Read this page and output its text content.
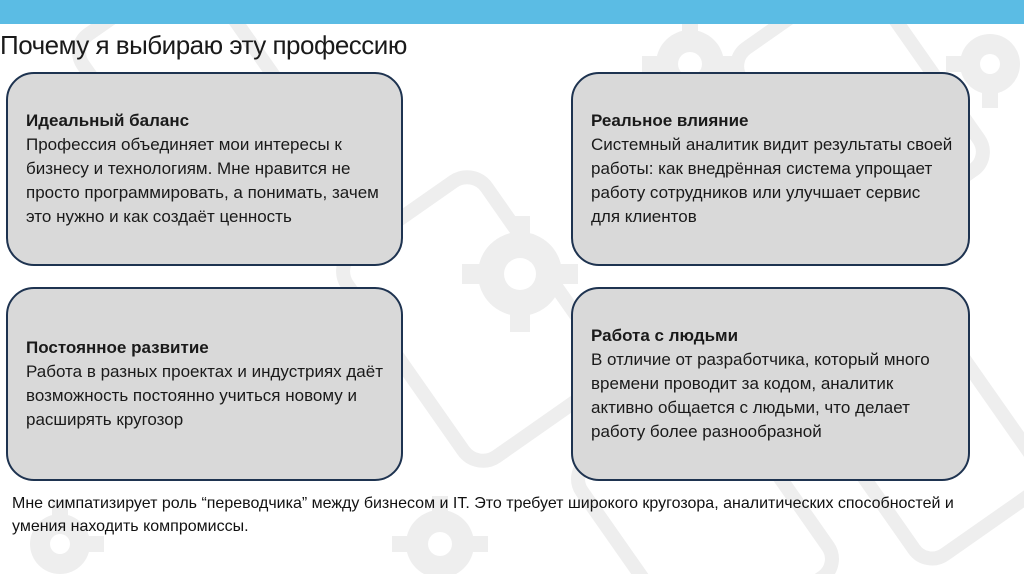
Почему я выбираю эту профессию
Идеальный баланс
Профессия объединяет мои интересы к бизнесу и технологиям. Мне нравится не просто программировать, а понимать, зачем это нужно и как создаёт ценность
Реальное влияние
Системный аналитик видит результаты своей работы: как внедрённая система упрощает работу сотрудников или улучшает сервис для клиентов
Постоянное развитие
Работа в разных проектах и индустриях даёт возможность постоянно учиться новому и расширять кругозор
Работа с людьми
В отличие от разработчика, который много времени проводит за кодом, аналитик активно общается с людьми, что делает работу более разнообразной
Мне симпатизирует роль “переводчика” между бизнесом и IT. Это требует широкого кругозора, аналитических способностей и умения находить компромиссы.
